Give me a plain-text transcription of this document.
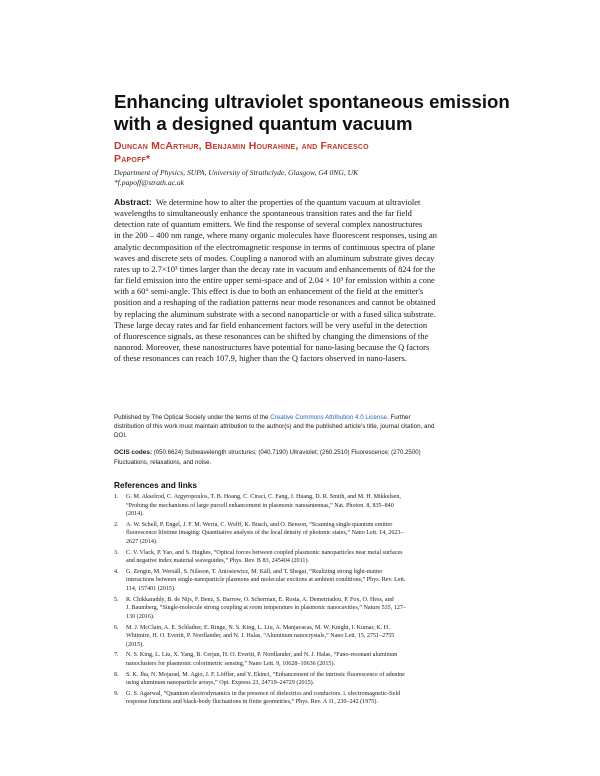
Enhancing ultraviolet spontaneous emission
with a designed quantum vacuum
Duncan McArthur, Benjamin Hourahine, and Francesco
Papoff*
Department of Physics, SUPA, University of Strathclyde, Glasgow, G4 0NG, UK
*f.papoff@strath.ac.uk
Abstract: We determine how to alter the properties of the quantum vacuum at ultraviolet
wavelengths to simultaneously enhance the spontaneous transition rates and the far field
detection rate of quantum emitters. We find the response of several complex nanostructures
in the 200 – 400 nm range, where many organic molecules have fluorescent responses, using an
analytic decomposition of the electromagnetic response in terms of continuous spectra of plane
waves and discrete sets of modes. Coupling a nanorod with an aluminum substrate gives decay
rates up to 2.7×10³ times larger than the decay rate in vacuum and enhancements of 824 for the
far field emission into the entire upper semi-space and of 2.04 × 10³ for emission within a cone
with a 60° semi-angle. This effect is due to both an enhancement of the field at the emitter's
position and a reshaping of the radiation patterns near mode resonances and cannot be obtained
by replacing the aluminum substrate with a second nanoparticle or with a fused silica substrate.
These large decay rates and far field enhancement factors will be very useful in the detection
of fluorescence signals, as these resonances can be shifted by changing the dimensions of the
nanorod. Moreover, these nanostructures have potential for nano-lasing because the Q factors
of these resonances can reach 107.9, higher than the Q factors observed in nano-lasers.
Published by The Optical Society under the terms of the Creative Commons Attribution 4.0 License. Further
distribution of this work must maintain attribution to the author(s) and the published article's title, journal citation, and
DOI.
OCIS codes: (050.6624) Subwavelength structures; (040.7190) Ultraviolet; (260.2510) Fluorescence; (270.2500)
Fluctuations, relaxations, and noise.
References and links
1. G. M. Akselrod, C. Argyropoulos, T. B. Hoang, C. Ciracì, C. Fang, J. Huang, D. R. Smith, and M. H. Mikkelsen,
“Probing the mechanisms of large purcell enhancement in plasmonic nanoantennas,” Nat. Photon. 8, 835–840
(2014).
2. A. W. Schell, P. Engel, J. F. M. Werra, C. Wolff, K. Busch, and O. Benson, “Scanning single quantum emitter
fluorescence lifetime imaging: Quantitative analysis of the local density of photonic states,” Nano Lett. 14, 2623–
2627 (2014).
3. C. V. Vlack, P. Yao, and S. Hughes, “Optical forces between coupled plasmonic nanoparticles near metal surfaces
and negative index material waveguides,” Phys. Rev. B 83, 245404 (2011).
4. G. Zengin, M. Wersäll, S. Nilsson, T. Antosiewicz, M. Käll, and T. Shegai, “Realizing strong light-matter
interactions between single-nanoparticle plasmons and molecular excitons at ambient conditions,” Phys. Rev. Lett.
114, 157401 (2015).
5. R. Chikkaraddy, B. de Nijs, F. Benz, S. Barrow, O. Scherman, E. Rosta, A. Demetriadou, P. Fox, O. Hess, and
J. Baumberg, “Single-molecule strong coupling at room temperature in plasmonic nanocavities,” Nature 535, 127–
130 (2016).
6. M. J. McClain, A. E. Schlather, E. Ringe, N. S. King, L. Liu, A. Manjavacas, M. W. Knight, I. Kumar, K. H.
Whitmire, H. O. Everitt, P. Nordlander, and N. J. Halas, “Aluminum nanocrystals,” Nano Lett. 15, 2751–2755
(2015).
7. N. S. King, L. Liu, X. Yang, B. Cerjan, H. O. Everitt, P. Nordlander, and N. J. Halas, “Fano-resonant aluminum
nanoclusters for plasmonic colorimetric sensing,” Nano Lett. 9, 10628–10636 (2015).
8. S. K. Jha, N. Mojarad, M. Agio, J. F. Löffler, and Y. Ekinci, “Enhancement of the intrinsic fluorescence of adenine
using aluminum nanoparticle arrays,” Opt. Express 23, 24719–24729 (2015).
9. G. S. Agarwal, “Quantum electrodynamics in the presence of dielectrics and conductors. i. electromagnetic-field
response functions and black-body fluctuations in finite geometries,” Phys. Rev. A 11, 230–242 (1975).
